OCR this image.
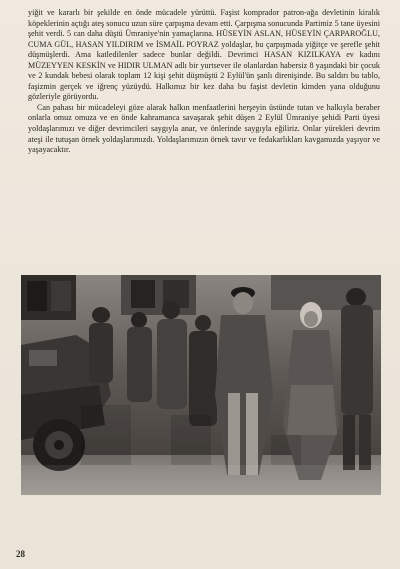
yiğit ve kararlı bir şekilde en önde mücadele yürüttü. Faşist komprador patron-ağa devletinin kiralık köpeklerinin açtığı ateş sonucu uzun süre çarpışma devam etti. Çarpışma sonucunda Partimiz 5 tane üyesini şehit verdi. 5 can daha düştü Ümraniye'nin yamaçlarına. HÜSEYİN ASLAN, HÜSEYİN ÇARPAROĞLU, CUMA GÜL, HASAN YILDIRIM ve İSMAİL POYRAZ yoldaşlar, bu çarpışmada yiğitçe ve şerefle şehit düşmüşlerdi. Ama katledilenler sadece bunlar değildi. Devrimci HASAN KIZILKAYA ev kadını MÜZEYYEN KESKİN ve HIDIR ULMAN adlı bir yurtsever ile olanlardan habersiz 8 yaşındaki bir çocuk ve 2 kundak bebesi olarak toplam 12 kişi şehit düşmüştü 2 Eylül'ün şanlı direnişinde. Bu saldırı bu tablo, faşizmin gerçek ve iğrenç yüzüydü. Halkımız bir kez daha bu faşist devletin kimden yana olduğunu gözleriyle görüyordu.

Can pahası bir mücadeleyi göze alarak halkın menfaatlerini herşeyin üstünde tutan ve halkıyla beraber onlarla omuz omuza ve en önde kahramanca savaşarak şehit düşen 2 Eylül Ümraniye şehidi Parti üyesi yoldaşlarımızı ve diğer devrimcileri saygıyla anar, ve önlerinde saygıyla eğiliriz. Onlar yürekleri devrim ateşi ile tutuşan örnek yoldaşlarımızdı. Yoldaşlarımızın örnek tavır ve fedakarlıkları kavgamızda yaşıyor ve yaşayacaktır.

28
